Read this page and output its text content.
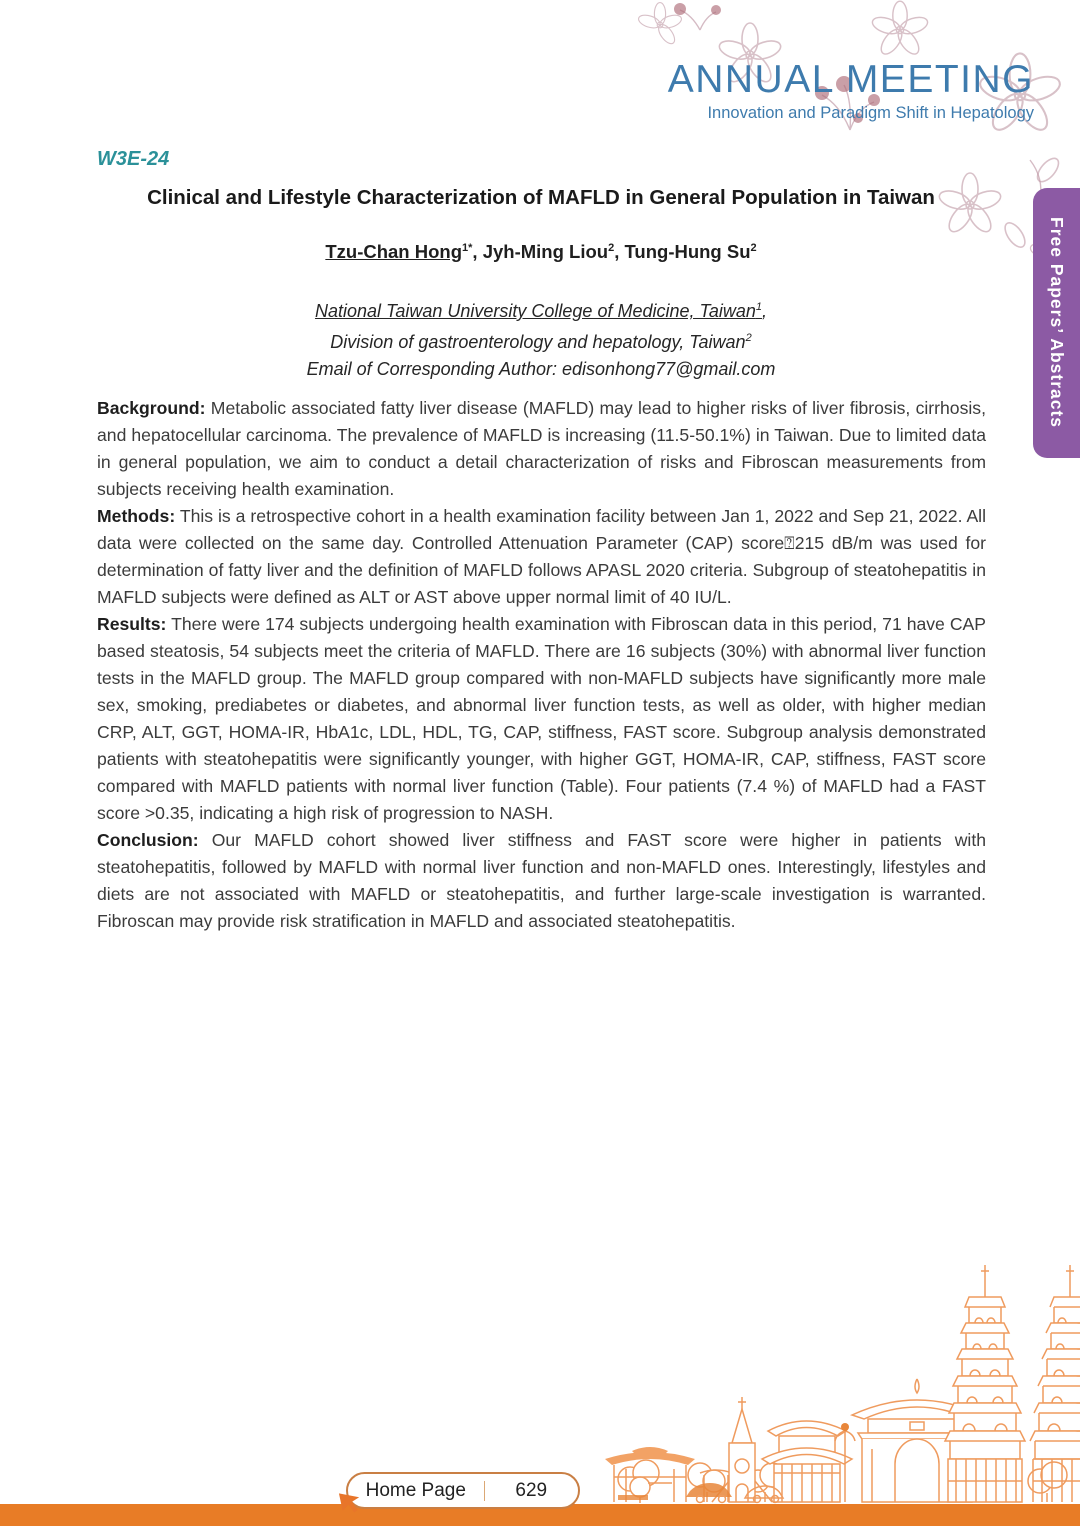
ANNUAL MEETING
Innovation and Paradigm Shift in Hepatology
W3E-24
Clinical and Lifestyle Characterization of MAFLD in General Population in Taiwan
Tzu-Chan Hong$^{1*}$, Jyh-Ming Liou$^2$, Tung-Hung Su$^2$
National Taiwan University College of Medicine, Taiwan$^1$,
Division of gastroenterology and hepatology, Taiwan$^2$
Email of Corresponding Author: edisonhong77@gmail.com

Background: Metabolic associated fatty liver disease (MAFLD) may lead to higher risks of liver fibrosis, cirrhosis, and hepatocellular carcinoma. The prevalence of MAFLD is increasing (11.5-50.1%) in Taiwan. Due to limited data in general population, we aim to conduct a detail characterization of risks and Fibroscan measurements from subjects receiving health examination.

Methods: This is a retrospective cohort in a health examination facility between Jan 1, 2022 and Sep 21, 2022. All data were collected on the same day. Controlled Attenuation Parameter (CAP) score⍰215 dB/m was used for determination of fatty liver and the definition of MAFLD follows APASL 2020 criteria. Subgroup of steatohepatitis in MAFLD subjects were defined as ALT or AST above upper normal limit of 40 IU/L.

Results: There were 174 subjects undergoing health examination with Fibroscan data in this period, 71 have CAP based steatosis, 54 subjects meet the criteria of MAFLD. There are 16 subjects (30%) with abnormal liver function tests in the MAFLD group. The MAFLD group compared with non-MAFLD subjects have significantly more male sex, smoking, prediabetes or diabetes, and abnormal liver function tests, as well as older, with higher median CRP, ALT, GGT, HOMA-IR, HbA1c, LDL, HDL, TG, CAP, stiffness, FAST score. Subgroup analysis demonstrated patients with steatohepatitis were significantly younger, with higher GGT, HOMA-IR, CAP, stiffness, FAST score compared with MAFLD patients with normal liver function (Table). Four patients (7.4 %) of MAFLD had a FAST score >0.35, indicating a high risk of progression to NASH.

Conclusion: Our MAFLD cohort showed liver stiffness and FAST score were higher in patients with steatohepatitis, followed by MAFLD with normal liver function and non-MAFLD ones. Interestingly, lifestyles and diets are not associated with MAFLD or steatohepatitis, and further large-scale investigation is warranted. Fibroscan may provide risk stratification in MAFLD and associated steatohepatitis.

Free Papers’ Abstracts
Home Page	629
